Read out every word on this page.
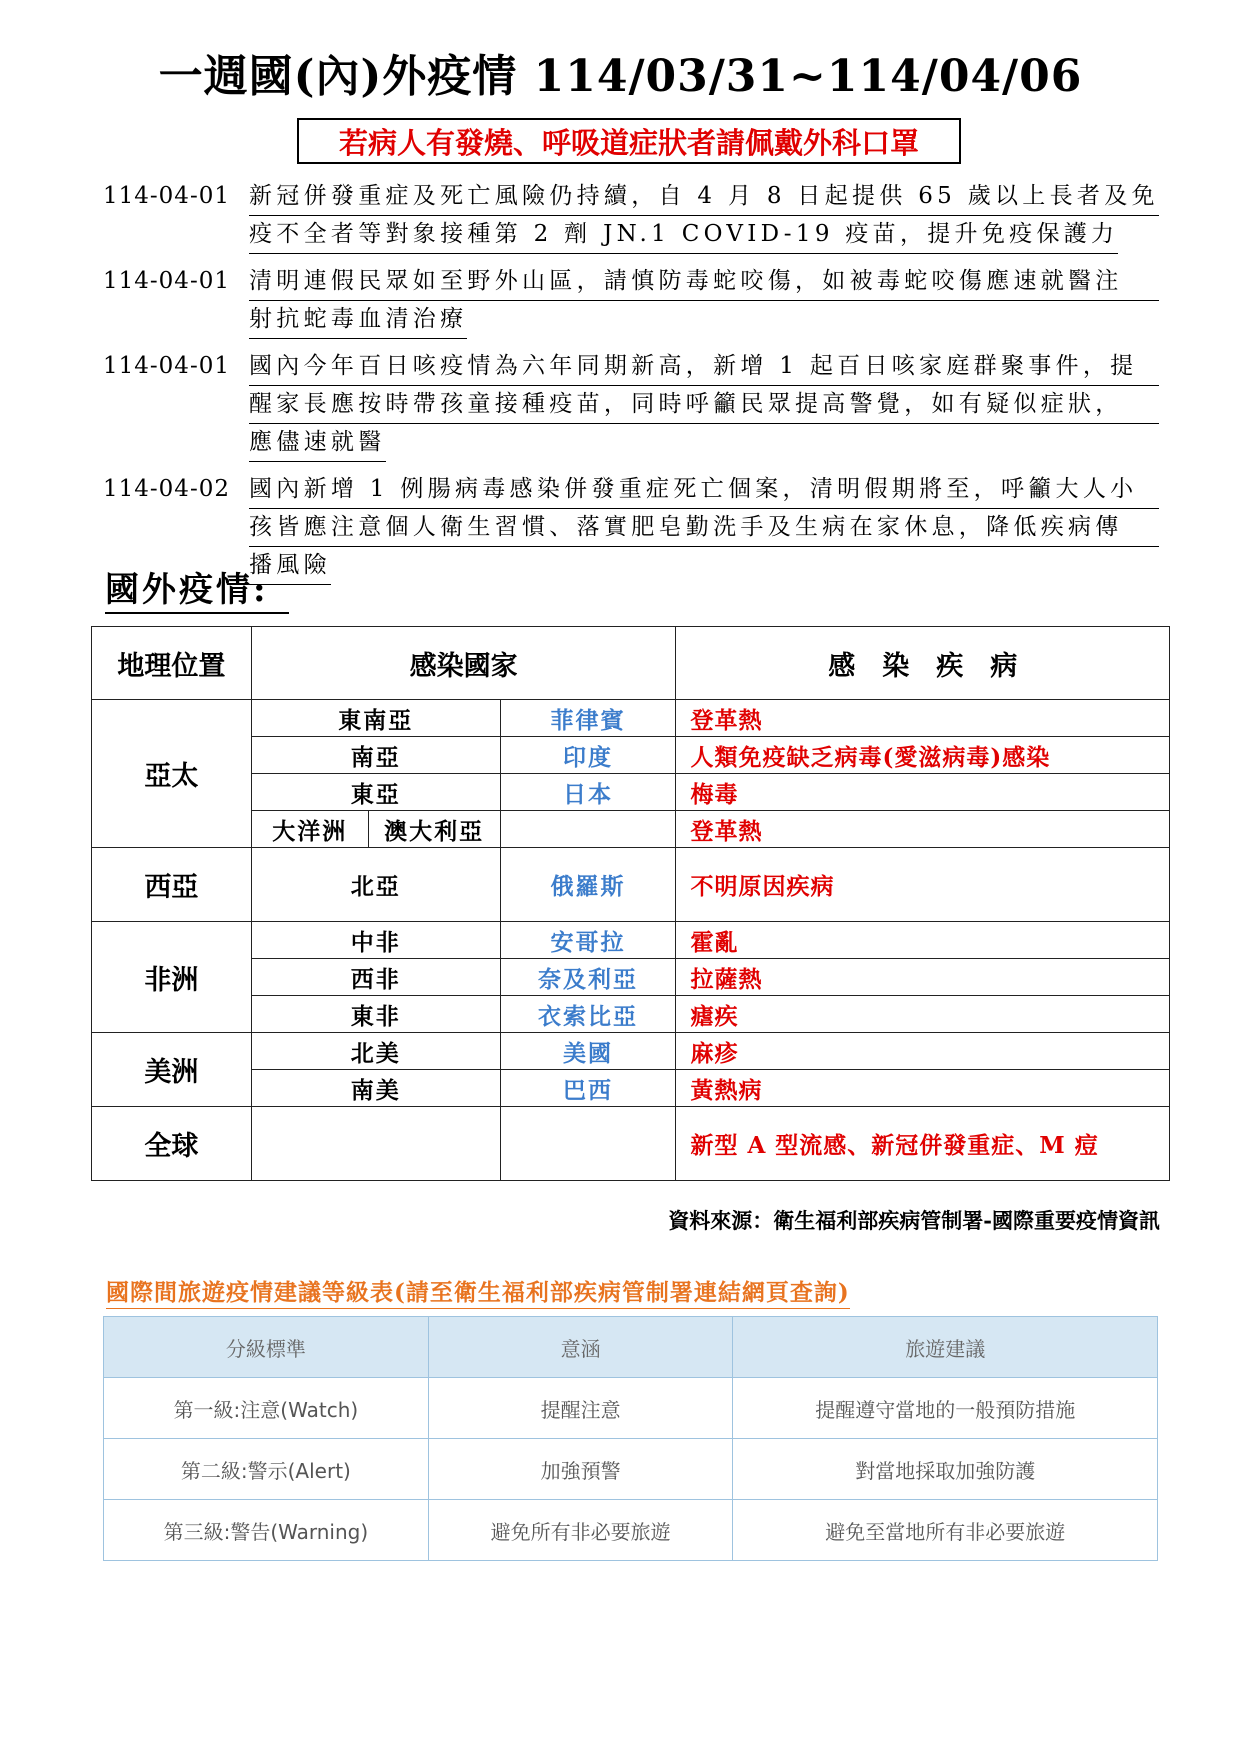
一週國(內)外疫情 114/03/31~114/04/06
若病人有發燒、呼吸道症狀者請佩戴外科口罩
114-04-01 新冠併發重症及死亡風險仍持續，自 4 月 8 日起提供 65 歲以上長者及免
疫不全者等對象接種第 2 劑 JN.1 COVID-19 疫苗，提升免疫保護力
114-04-01 清明連假民眾如至野外山區，請慎防毒蛇咬傷，如被毒蛇咬傷應速就醫注
射抗蛇毒血清治療
114-04-01 國內今年百日咳疫情為六年同期新高，新增 1 起百日咳家庭群聚事件，提
醒家長應按時帶孩童接種疫苗，同時呼籲民眾提高警覺，如有疑似症狀，
應儘速就醫
114-04-02 國內新增 1 例腸病毒感染併發重症死亡個案，清明假期將至，呼籲大人小
孩皆應注意個人衛生習慣、落實肥皂勤洗手及生病在家休息，降低疾病傳
播風險
國外疫情:
地理位置	感染國家			感　染　疾　病
亞太	東南亞		菲律賓	登革熱
	南亞		印度	人類免疫缺乏病毒(愛滋病毒)感染
	東亞		日本	梅毒
	大洋洲	澳大利亞		登革熱
西亞	北亞		俄羅斯	不明原因疾病
非洲	中非		安哥拉	霍亂
	西非		奈及利亞	拉薩熱
	東非		衣索比亞	瘧疾
美洲	北美		美國	麻疹
	南美		巴西	黃熱病
全球				新型 A 型流感、新冠併發重症、M 痘
資料來源：衛生福利部疾病管制署-國際重要疫情資訊
國際間旅遊疫情建議等級表(請至衛生福利部疾病管制署連結網頁查詢)
分級標準	意涵	旅遊建議
第一級:注意(Watch)	提醒注意	提醒遵守當地的一般預防措施
第二級:警示(Alert)	加強預警	對當地採取加強防護
第三級:警告(Warning)	避免所有非必要旅遊	避免至當地所有非必要旅遊
